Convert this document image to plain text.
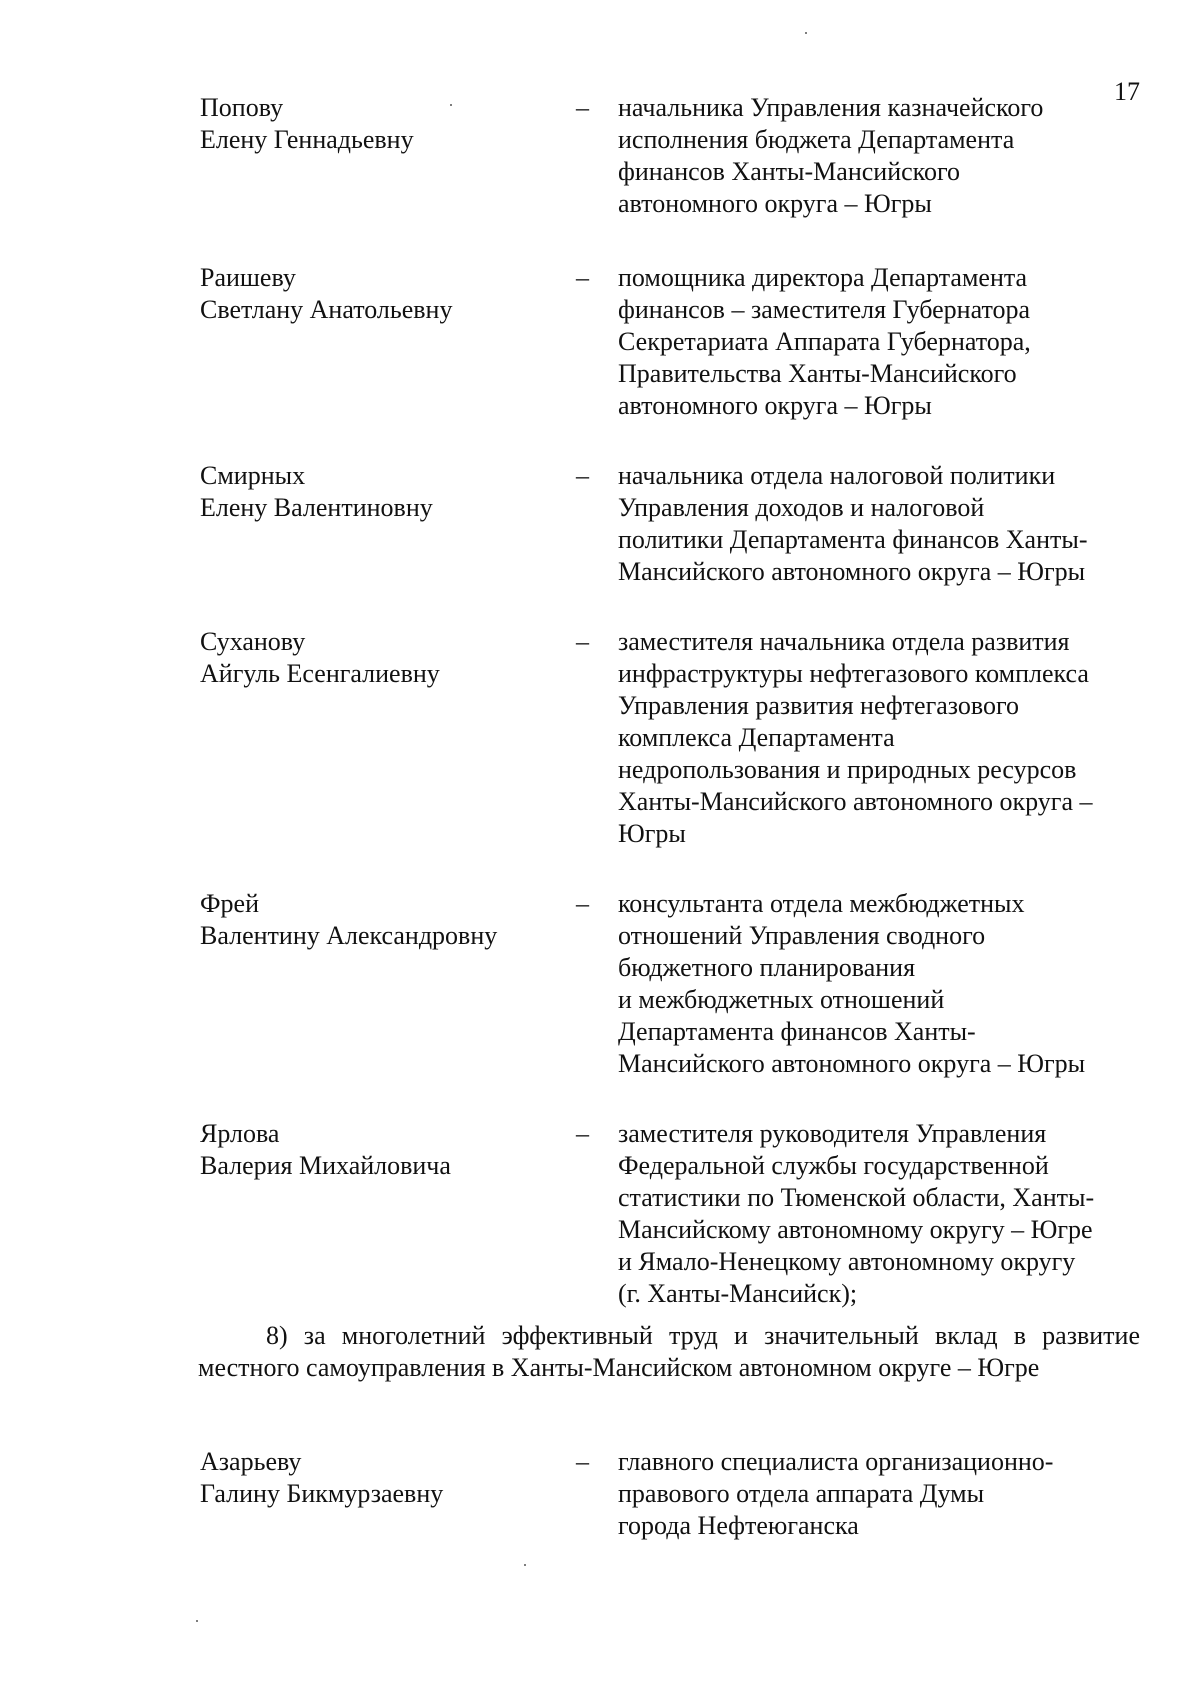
17
Попову
Елену Геннадьевну
– начальника Управления казначейского
исполнения бюджета Департамента
финансов Ханты-Мансийского
автономного округа – Югры
Раишеву
Светлану Анатольевну
– помощника директора Департамента
финансов – заместителя Губернатора
Секретариата Аппарата Губернатора,
Правительства Ханты-Мансийского
автономного округа – Югры
Смирных
Елену Валентиновну
– начальника отдела налоговой политики
Управления доходов и налоговой
политики Департамента финансов Ханты-
Мансийского автономного округа – Югры
Суханову
Айгуль Есенгалиевну
– заместителя начальника отдела развития
инфраструктуры нефтегазового комплекса
Управления развития нефтегазового
комплекса Департамента
недропользования и природных ресурсов
Ханты-Мансийского автономного округа –
Югры
Фрей
Валентину Александровну
– консультанта отдела межбюджетных
отношений Управления сводного
бюджетного планирования
и межбюджетных отношений
Департамента финансов Ханты-
Мансийского автономного округа – Югры
Ярлова
Валерия Михайловича
– заместителя руководителя Управления
Федеральной службы государственной
статистики по Тюменской области, Ханты-
Мансийскому автономному округу – Югре
и Ямало-Ненецкому автономному округу
(г. Ханты-Мансийск);
8) за многолетний эффективный труд и значительный вклад в развитие местного самоуправления в Ханты-Мансийском автономном округе – Югре
Азарьеву
Галину Бикмурзаевну
– главного специалиста организационно-
правового отдела аппарата Думы
города Нефтеюганска
